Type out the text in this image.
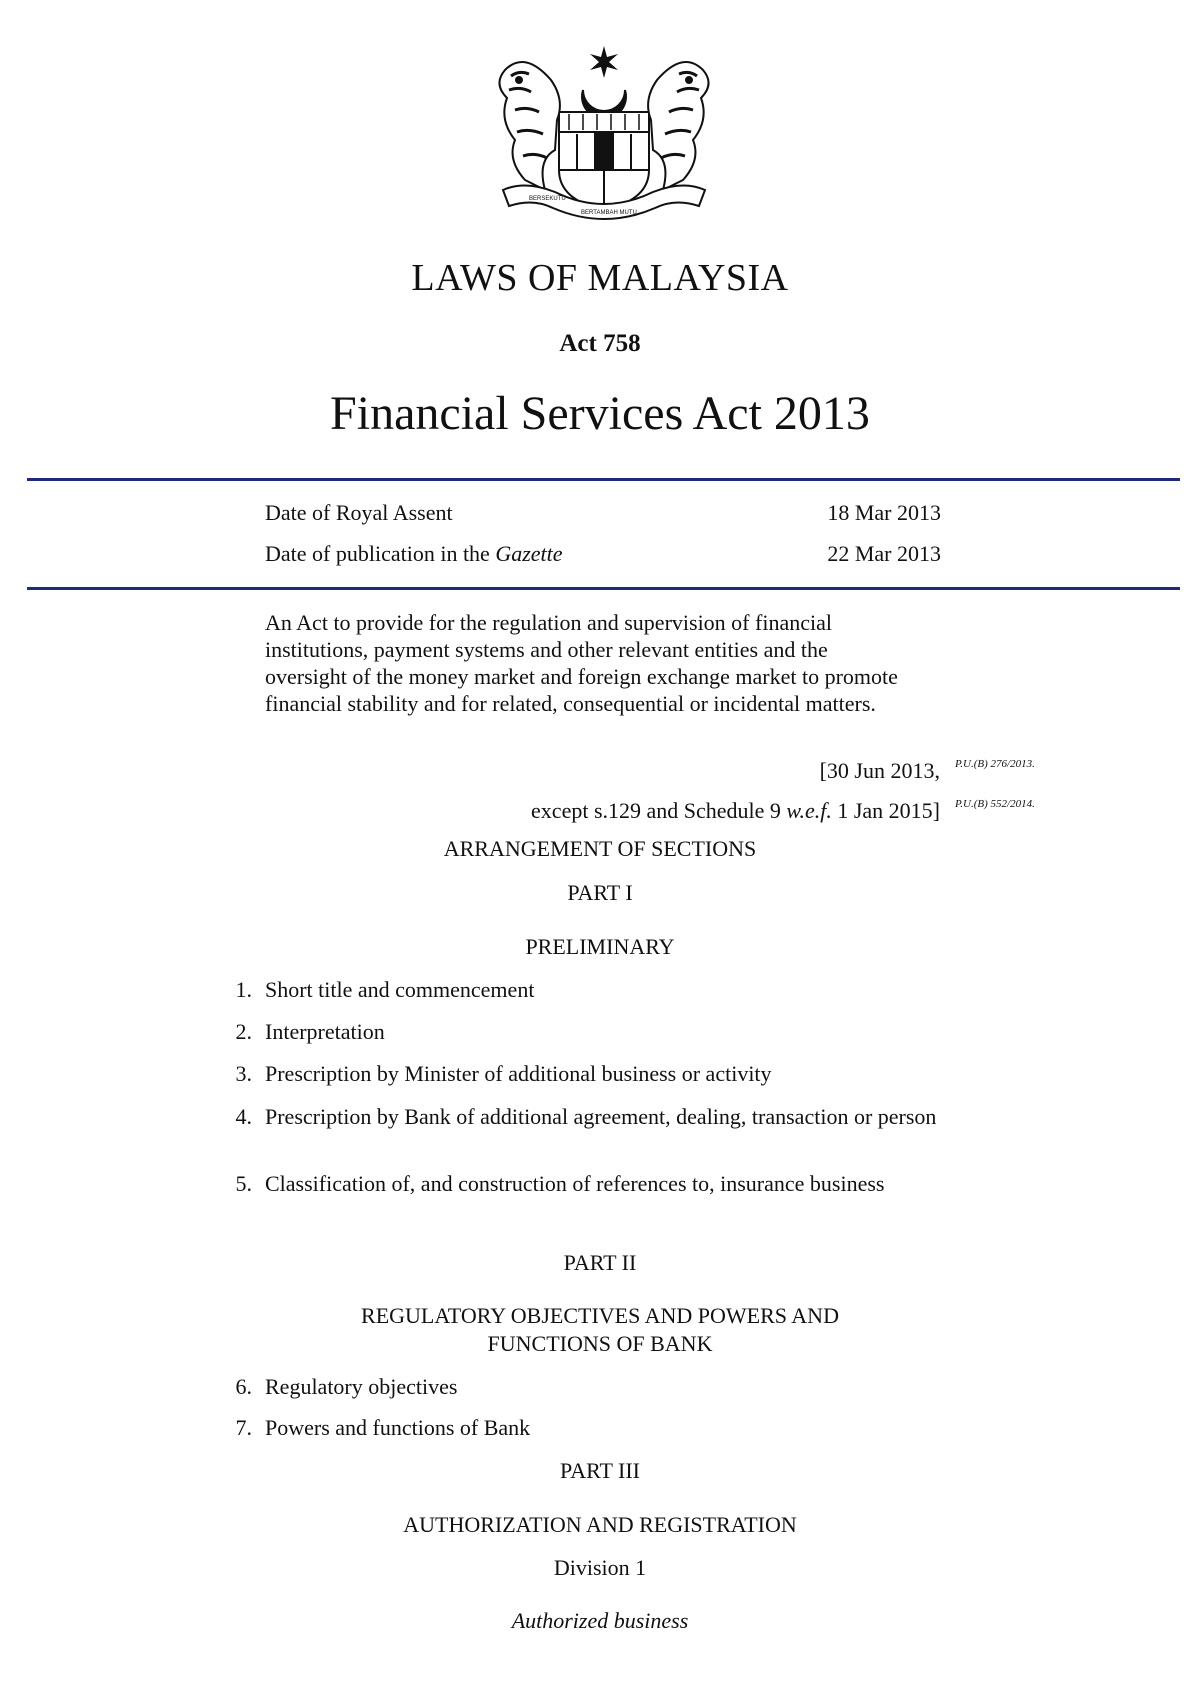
BERSEKUTU
BERTAMBAH MUTU
LAWS OF MALAYSIA
Act 758
Financial Services Act 2013
Date of Royal Assent	18 Mar 2013
Date of publication in the Gazette	22 Mar 2013
An Act to provide for the regulation and supervision of financial institutions, payment systems and other relevant entities and the oversight of the money market and foreign exchange market to promote financial stability and for related, consequential or incidental matters.
[30 Jun 2013, P.U.(B) 276/2013.
except s.129 and Schedule 9 w.e.f. 1 Jan 2015] P.U.(B) 552/2014.
ARRANGEMENT OF SECTIONS
PART I
PRELIMINARY
1. Short title and commencement
2. Interpretation
3. Prescription by Minister of additional business or activity
4. Prescription by Bank of additional agreement, dealing, transaction or person
5. Classification of, and construction of references to, insurance business
PART II
REGULATORY OBJECTIVES AND POWERS AND
FUNCTIONS OF BANK
6. Regulatory objectives
7. Powers and functions of Bank
PART III
AUTHORIZATION AND REGISTRATION
Division 1
Authorized business
